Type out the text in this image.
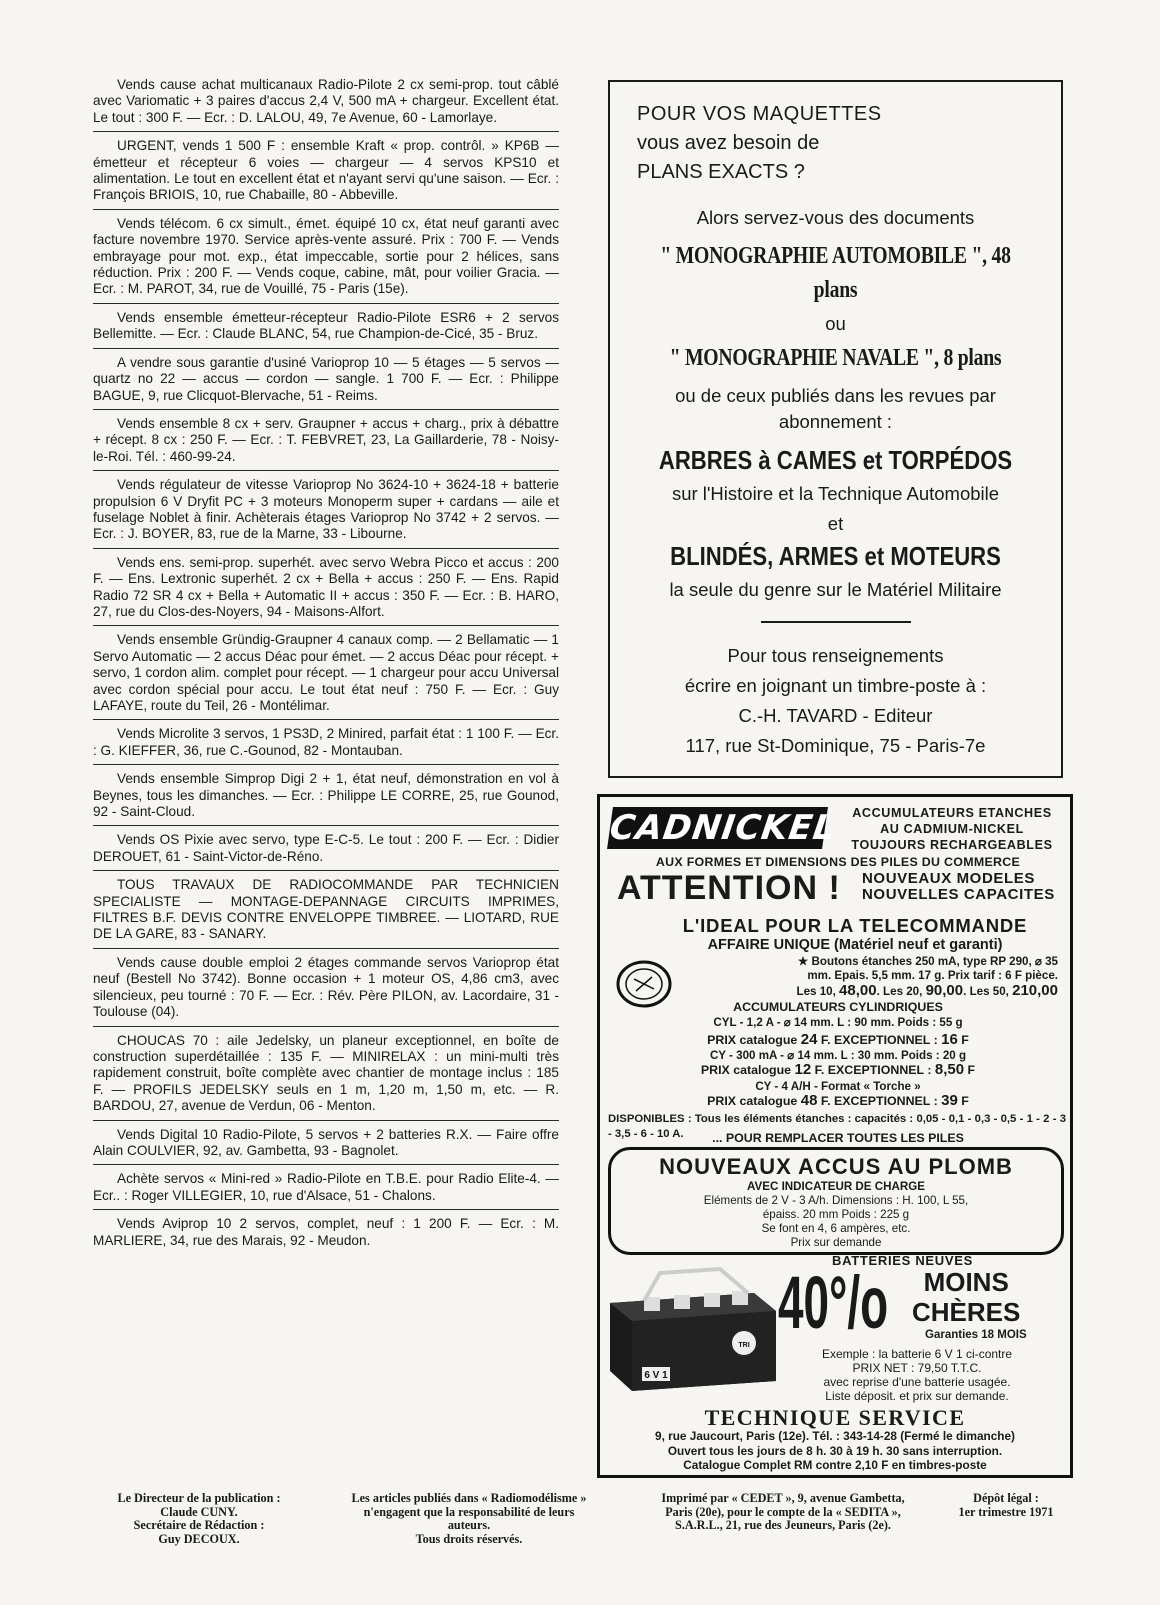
Vends cause achat multicanaux Radio-Pilote 2 cx semi-prop. tout câblé avec Variomatic + 3 paires d'accus 2,4 V, 500 mA + chargeur. Excellent état. Le tout : 300 F. — Ecr. : D. LALOU, 49, 7e Avenue, 60 - Lamorlaye.

URGENT, vends 1 500 F : ensemble Kraft « prop. contrôl. » KP6B — émetteur et récepteur 6 voies — chargeur — 4 servos KPS10 et alimentation. Le tout en excellent état et n'ayant servi qu'une saison. — Ecr. : François BRIOIS, 10, rue Chabaille, 80 - Abbeville.

Vends télécom. 6 cx simult., émet. équipé 10 cx, état neuf garanti avec facture novembre 1970. Service après-vente assuré. Prix : 700 F. — Vends embrayage pour mot. exp., état impeccable, sortie pour 2 hélices, sans réduction. Prix : 200 F. — Vends coque, cabine, mât, pour voilier Gracia. — Ecr. : M. PAROT, 34, rue de Vouillé, 75 - Paris (15e).

Vends ensemble émetteur-récepteur Radio-Pilote ESR6 + 2 servos Bellemitte. — Ecr. : Claude BLANC, 54, rue Champion-de-Cicé, 35 - Bruz.

A vendre sous garantie d'usiné Varioprop 10 — 5 étages — 5 servos — quartz no 22 — accus — cordon — sangle. 1 700 F. — Ecr. : Philippe BAGUE, 9, rue Clicquot-Blervache, 51 - Reims.

Vends ensemble 8 cx + serv. Graupner + accus + charg., prix à débattre + récept. 8 cx : 250 F. — Ecr. : T. FEBVRET, 23, La Gaillarderie, 78 - Noisy-le-Roi. Tél. : 460-99-24.

Vends régulateur de vitesse Varioprop No 3624-10 + 3624-18 + batterie propulsion 6 V Dryfit PC + 3 moteurs Monoperm super + cardans — aile et fuselage Noblet à finir. Achèterais étages Varioprop No 3742 + 2 servos. — Ecr. : J. BOYER, 83, rue de la Marne, 33 - Libourne.

Vends ens. semi-prop. superhét. avec servo Webra Picco et accus : 200 F. — Ens. Lextronic superhét. 2 cx + Bella + accus : 250 F. — Ens. Rapid Radio 72 SR 4 cx + Bella + Automatic II + accus : 350 F. — Ecr. : B. HARO, 27, rue du Clos-des-Noyers, 94 - Maisons-Alfort.

Vends ensemble Gründig-Graupner 4 canaux comp. — 2 Bellamatic — 1 Servo Automatic — 2 accus Déac pour émet. — 2 accus Déac pour récept. + servo, 1 cordon alim. complet pour récept. — 1 chargeur pour accu Universal avec cordon spécial pour accu. Le tout état neuf : 750 F. — Ecr. : Guy LAFAYE, route du Teil, 26 - Montélimar.

Vends Microlite 3 servos, 1 PS3D, 2 Minired, parfait état : 1 100 F. — Ecr. : G. KIEFFER, 36, rue C.-Gounod, 82 - Montauban.

Vends ensemble Simprop Digi 2 + 1, état neuf, démonstration en vol à Beynes, tous les dimanches. — Ecr. : Philippe LE CORRE, 25, rue Gounod, 92 - Saint-Cloud.

Vends OS Pixie avec servo, type E-C-5. Le tout : 200 F. — Ecr. : Didier DEROUET, 61 - Saint-Victor-de-Réno.

TOUS TRAVAUX DE RADIOCOMMANDE PAR TECHNICIEN SPECIALISTE — MONTAGE-DEPANNAGE CIRCUITS IMPRIMES, FILTRES B.F. DEVIS CONTRE ENVELOPPE TIMBREE. — LIOTARD, RUE DE LA GARE, 83 - SANARY.

Vends cause double emploi 2 étages commande servos Varioprop état neuf (Bestell No 3742). Bonne occasion + 1 moteur OS, 4,86 cm3, avec silencieux, peu tourné : 70 F. — Ecr. : Rév. Père PILON, av. Lacordaire, 31 - Toulouse (04).

CHOUCAS 70 : aile Jedelsky, un planeur exceptionnel, en boîte de construction superdétaillée : 135 F. — MINIRELAX : un mini-multi très rapidement construit, boîte complète avec chantier de montage inclus : 185 F. — PROFILS JEDELSKY seuls en 1 m, 1,20 m, 1,50 m, etc. — R. BARDOU, 27, avenue de Verdun, 06 - Menton.

Vends Digital 10 Radio-Pilote, 5 servos + 2 batteries R.X. — Faire offre Alain COULVIER, 92, av. Gambetta, 93 - Bagnolet.

Achète servos « Mini-red » Radio-Pilote en T.B.E. pour Radio Elite-4. — Ecr.. : Roger VILLEGIER, 10, rue d'Alsace, 51 - Chalons.

Vends Aviprop 10 2 servos, complet, neuf : 1 200 F. — Ecr. : M. MARLIERE, 34, rue des Marais, 92 - Meudon.

POUR VOS MAQUETTES
vous avez besoin de
PLANS EXACTS ?
Alors servez-vous des documents
" MONOGRAPHIE AUTOMOBILE ", 48 plans
ou
" MONOGRAPHIE NAVALE ", 8 plans
ou de ceux publiés dans les revues par
abonnement :
ARBRES à CAMES et TORPÉDOS
sur l'Histoire et la Technique Automobile
et
BLINDÉS, ARMES et MOTEURS
la seule du genre sur le Matériel Militaire
Pour tous renseignements
écrire en joignant un timbre-poste à :
C.-H. TAVARD - Editeur
117, rue St-Dominique, 75 - Paris-7e
CADNICKEL	ACCUMULATEURS ETANCHES
AU CADMIUM-NICKEL
TOUJOURS RECHARGEABLES
AUX FORMES ET DIMENSIONS DES PILES DU COMMERCE
ATTENTION ! NOUVEAUX MODELES
NOUVELLES CAPACITES
L'IDEAL POUR LA TELECOMMANDE
AFFAIRE UNIQUE (Matériel neuf et garanti)
★ Boutons étanches 250 mA, type RP 290, ⌀ 35
mm. Epais. 5,5 mm. 17 g. Prix tarif : 6 F pièce.
Les 10, 48,00. Les 20, 90,00. Les 50, 210,00
ACCUMULATEURS CYLINDRIQUES
CYL - 1,2 A - ⌀ 14 mm. L : 90 mm. Poids : 55 g
PRIX catalogue 24 F. EXCEPTIONNEL : 16 F
CY - 300 mA - ⌀ 14 mm. L : 30 mm. Poids : 20 g
PRIX catalogue 12 F. EXCEPTIONNEL : 8,50 F
CY - 4 A/H - Format « Torche »
PRIX catalogue 48 F. EXCEPTIONNEL : 39 F
DISPONIBLES : Tous les éléments étanches : capacités : 0,05 - 0,1 - 0,3 - 0,5 - 1 - 2 - 3 - 3,5 - 6 - 10 A.	... POUR REMPLACER TOUTES LES PILES
NOUVEAUX ACCUS AU PLOMB
AVEC INDICATEUR DE CHARGE
Eléments de 2 V - 3 A/h. Dimensions : H. 100, L 55,
épaiss. 20 mm Poids : 225 g
Se font en 4, 6 ampères, etc.
Prix sur demande
BATTERIES NEUVES
TRI
6 V 1
40°/o	MOINS
CHÈRES
Garanties 18 MOIS
Exemple : la batterie 6 V 1 ci-contre
PRIX NET : 79,50 T.T.C.
avec reprise d'une batterie usagée.
Liste déposit. et prix sur demande.
TECHNIQUE SERVICE
9, rue Jaucourt, Paris (12e). Tél. : 343-14-28 (Fermé le dimanche)
Ouvert tous les jours de 8 h. 30 à 19 h. 30 sans interruption.
Catalogue Complet RM contre 2,10 F en timbres-poste
Le Directeur de la publication :
Claude CUNY.
Secrétaire de Rédaction :
Guy DECOUX.
Les articles publiés dans « Radiomodélisme »
n'engagent que la responsabilité de leurs
auteurs.
Tous droits réservés.
Imprimé par « CEDET », 9, avenue Gambetta,
Paris (20e), pour le compte de la « SEDITA »,
S.A.R.L., 21, rue des Jeuneurs, Paris (2e).
Dépôt légal :
1er trimestre 1971
